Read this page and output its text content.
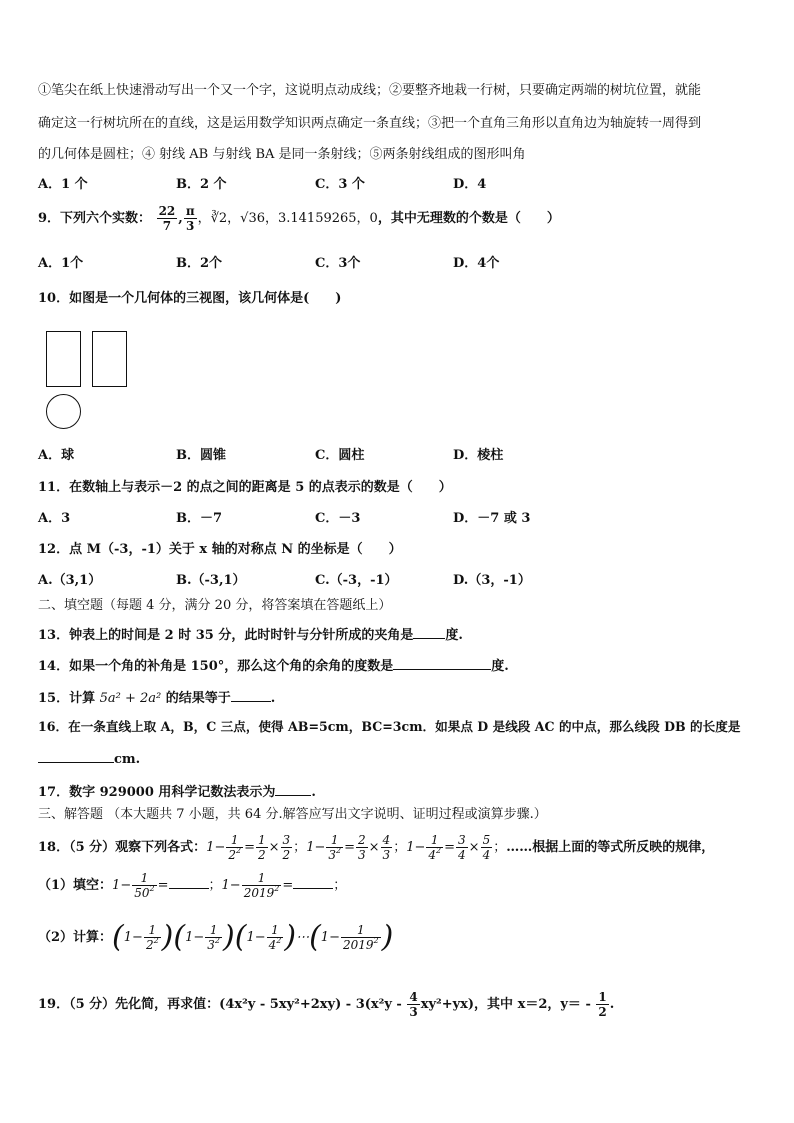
①笔尖在纸上快速滑动写出一个又一个字，这说明点动成线；②要整齐地栽一行树，只要确定两端的树坑位置，就能
确定这一行树坑所在的直线，这是运用数学知识两点确定一条直线；③把一个直角三角形以直角边为轴旋转一周得到
的几何体是圆柱；④ 射线 AB 与射线 BA 是同一条射线；⑤两条射线组成的图形叫角
A．1 个	B．2 个	C．3 个	D．4
9．下列六个实数： $\frac{22}{7}$ , $\frac{\pi}{3}$ ，∛2，√36，3.14159265，0，其中无理数的个数是（　　）
A．1个	B．2个	C．3个	D．4个
10．如图是一个几何体的三视图，该几何体是(　　)
A．球	B．圆锥	C．圆柱	D．棱柱
11．在数轴上与表示－2 的点之间的距离是 5 的点表示的数是（　　）
A．3	B．－7	C．－3	D．－7 或 3
12．点 M（-3，-1）关于 x 轴的对称点 N 的坐标是（　　）
A.（3,1）	B.（-3,1）	C.（-3，-1）	D.（3，-1）
二、填空题（每题 4 分，满分 20 分，将答案填在答题纸上）
13．钟表上的时间是 2 时 35 分，此时时针与分针所成的夹角是 度.
14．如果一个角的补角是 150°，那么这个角的余角的度数是	度.
15．计算 5a² + 2a² 的结果等于	.
16．在一条直线上取 A，B，C 三点，使得 AB=5cm，BC=3cm．如果点 D 是线段 AC 的中点，那么线段 DB 的长度是
cm.
17．数字 929000 用科学记数法表示为	.
三、解答题 （本大题共 7 小题，共 64 分.解答应写出文字说明、证明过程或演算步骤.）
18．（5 分）观察下列各式：$1- \frac{1}{2^2} = \frac{1}{2} \times \frac{3}{2}$ ；$1- \frac{1}{3^2} = \frac{2}{3} \times \frac{4}{3}$ ；$1- \frac{1}{4^2} = \frac{3}{4} \times \frac{5}{4}$ ；……根据上面的等式所反映的规律，
（1）填空：$1- \frac{1}{50^2}$ =	；$1- \frac{1}{2019^2}$ =	；
（2）计算：$(1- \frac{1}{2^2} )(1- \frac{1}{3^2} )(1- \frac{1}{4^2}$ )⋯(1− $\frac{1}{2019^2}$ )
19．（5 分）先化简，再求值：$(4x^2y - 5xy^2+2xy) - 3(x^2y - \frac{4}{3} xy^2+yx)$，其中 x＝2，$y= - \frac{1}{2}$ .
